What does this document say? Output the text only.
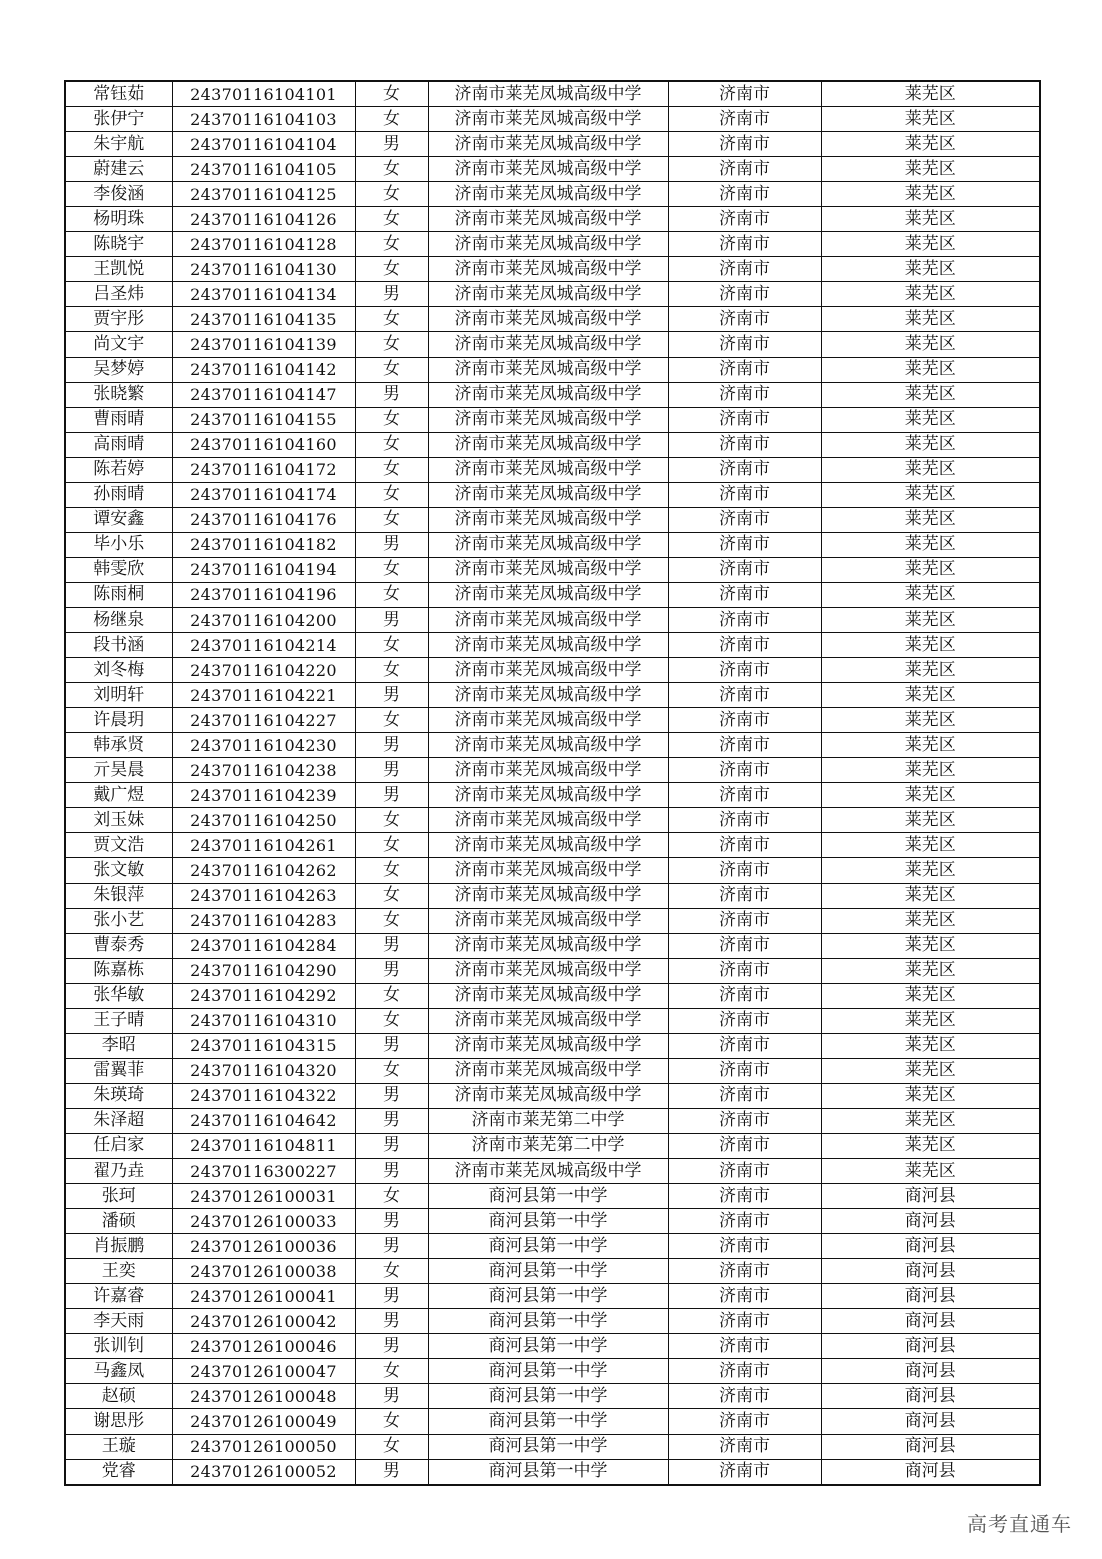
常钰茹	24370116104101	女	济南市莱芜凤城高级中学	济南市	莱芜区
张伊宁	24370116104103	女	济南市莱芜凤城高级中学	济南市	莱芜区
朱宇航	24370116104104	男	济南市莱芜凤城高级中学	济南市	莱芜区
蔚建云	24370116104105	女	济南市莱芜凤城高级中学	济南市	莱芜区
李俊涵	24370116104125	女	济南市莱芜凤城高级中学	济南市	莱芜区
杨明珠	24370116104126	女	济南市莱芜凤城高级中学	济南市	莱芜区
陈晓宇	24370116104128	女	济南市莱芜凤城高级中学	济南市	莱芜区
王凯悦	24370116104130	女	济南市莱芜凤城高级中学	济南市	莱芜区
吕圣炜	24370116104134	男	济南市莱芜凤城高级中学	济南市	莱芜区
贾宇彤	24370116104135	女	济南市莱芜凤城高级中学	济南市	莱芜区
尚文宇	24370116104139	女	济南市莱芜凤城高级中学	济南市	莱芜区
吴梦婷	24370116104142	女	济南市莱芜凤城高级中学	济南市	莱芜区
张晓繁	24370116104147	男	济南市莱芜凤城高级中学	济南市	莱芜区
曹雨晴	24370116104155	女	济南市莱芜凤城高级中学	济南市	莱芜区
高雨晴	24370116104160	女	济南市莱芜凤城高级中学	济南市	莱芜区
陈若婷	24370116104172	女	济南市莱芜凤城高级中学	济南市	莱芜区
孙雨晴	24370116104174	女	济南市莱芜凤城高级中学	济南市	莱芜区
谭安鑫	24370116104176	女	济南市莱芜凤城高级中学	济南市	莱芜区
毕小乐	24370116104182	男	济南市莱芜凤城高级中学	济南市	莱芜区
韩雯欣	24370116104194	女	济南市莱芜凤城高级中学	济南市	莱芜区
陈雨桐	24370116104196	女	济南市莱芜凤城高级中学	济南市	莱芜区
杨继泉	24370116104200	男	济南市莱芜凤城高级中学	济南市	莱芜区
段书涵	24370116104214	女	济南市莱芜凤城高级中学	济南市	莱芜区
刘冬梅	24370116104220	女	济南市莱芜凤城高级中学	济南市	莱芜区
刘明轩	24370116104221	男	济南市莱芜凤城高级中学	济南市	莱芜区
许晨玥	24370116104227	女	济南市莱芜凤城高级中学	济南市	莱芜区
韩承贤	24370116104230	男	济南市莱芜凤城高级中学	济南市	莱芜区
亓昊晨	24370116104238	男	济南市莱芜凤城高级中学	济南市	莱芜区
戴广煜	24370116104239	男	济南市莱芜凤城高级中学	济南市	莱芜区
刘玉妹	24370116104250	女	济南市莱芜凤城高级中学	济南市	莱芜区
贾文浩	24370116104261	女	济南市莱芜凤城高级中学	济南市	莱芜区
张文敏	24370116104262	女	济南市莱芜凤城高级中学	济南市	莱芜区
朱银萍	24370116104263	女	济南市莱芜凤城高级中学	济南市	莱芜区
张小艺	24370116104283	女	济南市莱芜凤城高级中学	济南市	莱芜区
曹泰秀	24370116104284	男	济南市莱芜凤城高级中学	济南市	莱芜区
陈嘉栋	24370116104290	男	济南市莱芜凤城高级中学	济南市	莱芜区
张华敏	24370116104292	女	济南市莱芜凤城高级中学	济南市	莱芜区
王子晴	24370116104310	女	济南市莱芜凤城高级中学	济南市	莱芜区
李昭	24370116104315	男	济南市莱芜凤城高级中学	济南市	莱芜区
雷翼菲	24370116104320	女	济南市莱芜凤城高级中学	济南市	莱芜区
朱瑛琦	24370116104322	男	济南市莱芜凤城高级中学	济南市	莱芜区
朱泽超	24370116104642	男	济南市莱芜第二中学	济南市	莱芜区
任启家	24370116104811	男	济南市莱芜第二中学	济南市	莱芜区
翟乃垚	24370116300227	男	济南市莱芜凤城高级中学	济南市	莱芜区
张珂	24370126100031	女	商河县第一中学	济南市	商河县
潘硕	24370126100033	男	商河县第一中学	济南市	商河县
肖振鹏	24370126100036	男	商河县第一中学	济南市	商河县
王奕	24370126100038	女	商河县第一中学	济南市	商河县
许嘉睿	24370126100041	男	商河县第一中学	济南市	商河县
李天雨	24370126100042	男	商河县第一中学	济南市	商河县
张训钊	24370126100046	男	商河县第一中学	济南市	商河县
马鑫凤	24370126100047	女	商河县第一中学	济南市	商河县
赵硕	24370126100048	男	商河县第一中学	济南市	商河县
谢思彤	24370126100049	女	商河县第一中学	济南市	商河县
王璇	24370126100050	女	商河县第一中学	济南市	商河县
党睿	24370126100052	男	商河县第一中学	济南市	商河县
高考直通车
